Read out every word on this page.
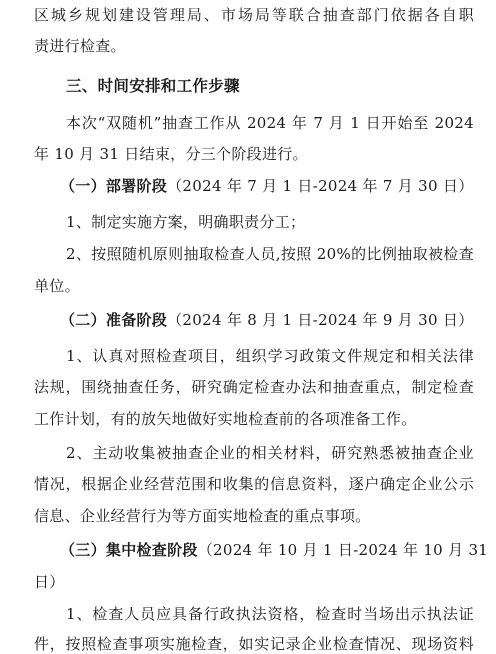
区城乡规划建设管理局、市场局等联合抽查部门依据各自职
责进行检查。
三、时间安排和工作步骤
本次“双随机”抽查工作从 2024 年 7 月 1 日开始至 2024
年 10 月 31 日结束，分三个阶段进行。
（一）部署阶段（2024 年 7 月 1 日-2024 年 7 月 30 日）
1、制定实施方案，明确职责分工；
2、按照随机原则抽取检查人员,按照 20%的比例抽取被检查
单位。
（二）准备阶段（2024 年 8 月 1 日-2024 年 9 月 30 日）
1、认真对照检查项目，组织学习政策文件规定和相关法律
法规，围绕抽查任务，研究确定检查办法和抽查重点，制定检查
工作计划，有的放矢地做好实地检查前的各项准备工作。
2、主动收集被抽查企业的相关材料，研究熟悉被抽查企业
情况，根据企业经营范围和收集的信息资料，逐户确定企业公示
信息、企业经营行为等方面实地检查的重点事项。
（三）集中检查阶段（2024 年 10 月 1 日-2024 年 10 月 31
日）
1、检查人员应具备行政执法资格，检查时当场出示执法证
件，按照检查事项实施检查，如实记录企业检查情况、现场资料
